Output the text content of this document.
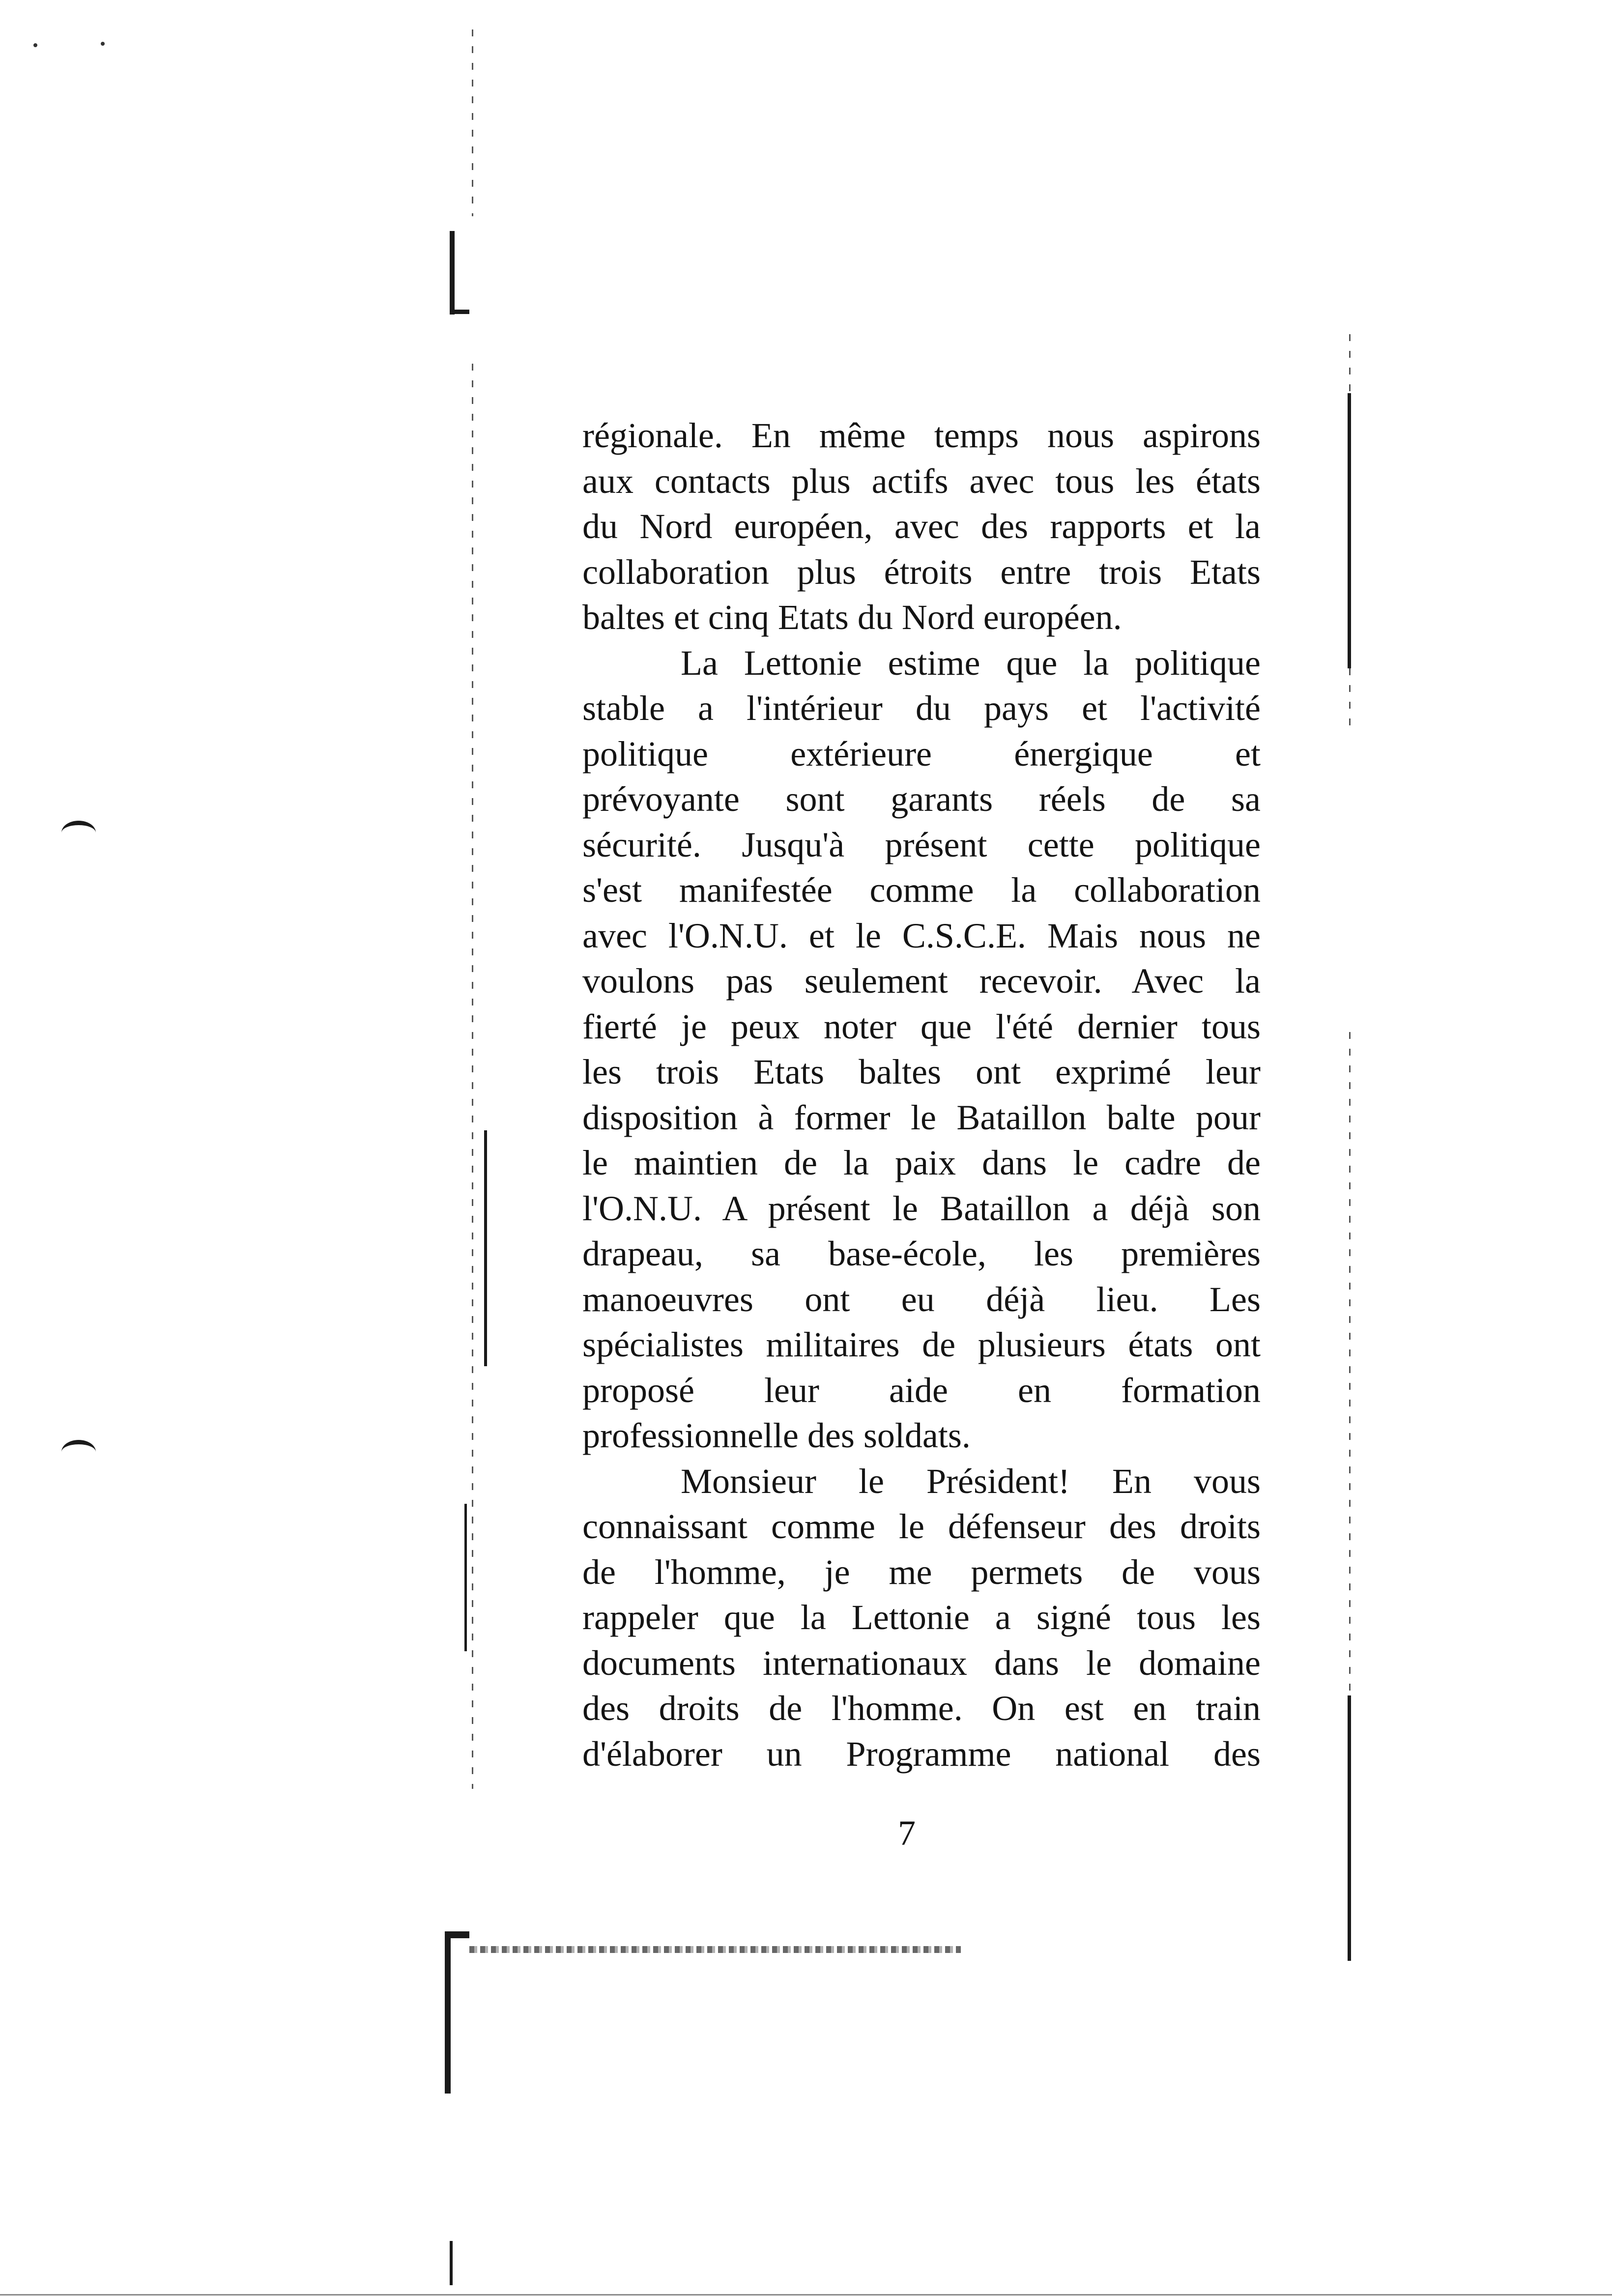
régionale. En même temps nous aspirons
aux contacts plus actifs avec tous les états
du Nord européen, avec des rapports et la
collaboration plus étroits entre trois Etats
baltes et cinq Etats du Nord européen.
La Lettonie estime que la politique
stable a l'intérieur du pays et l'activité
politique extérieure énergique et
prévoyante sont garants réels de sa
sécurité. Jusqu'à présent cette politique
s'est manifestée comme la collaboration
avec l'O.N.U. et le C.S.C.E. Mais nous ne
voulons pas seulement recevoir. Avec la
fierté je peux noter que l'été dernier tous
les trois Etats baltes ont exprimé leur
disposition à former le Bataillon balte pour
le maintien de la paix dans le cadre de
l'O.N.U. A présent le Bataillon a déjà son
drapeau, sa base-école, les premières
manoeuvres ont eu déjà lieu. Les
spécialistes militaires de plusieurs états ont
proposé leur aide en formation
professionnelle des soldats.
Monsieur le Président! En vous
connaissant comme le défenseur des droits
de l'homme, je me permets de vous
rappeler que la Lettonie a signé tous les
documents internationaux dans le domaine
des droits de l'homme. On est en train
d'élaborer un Programme national des
7
